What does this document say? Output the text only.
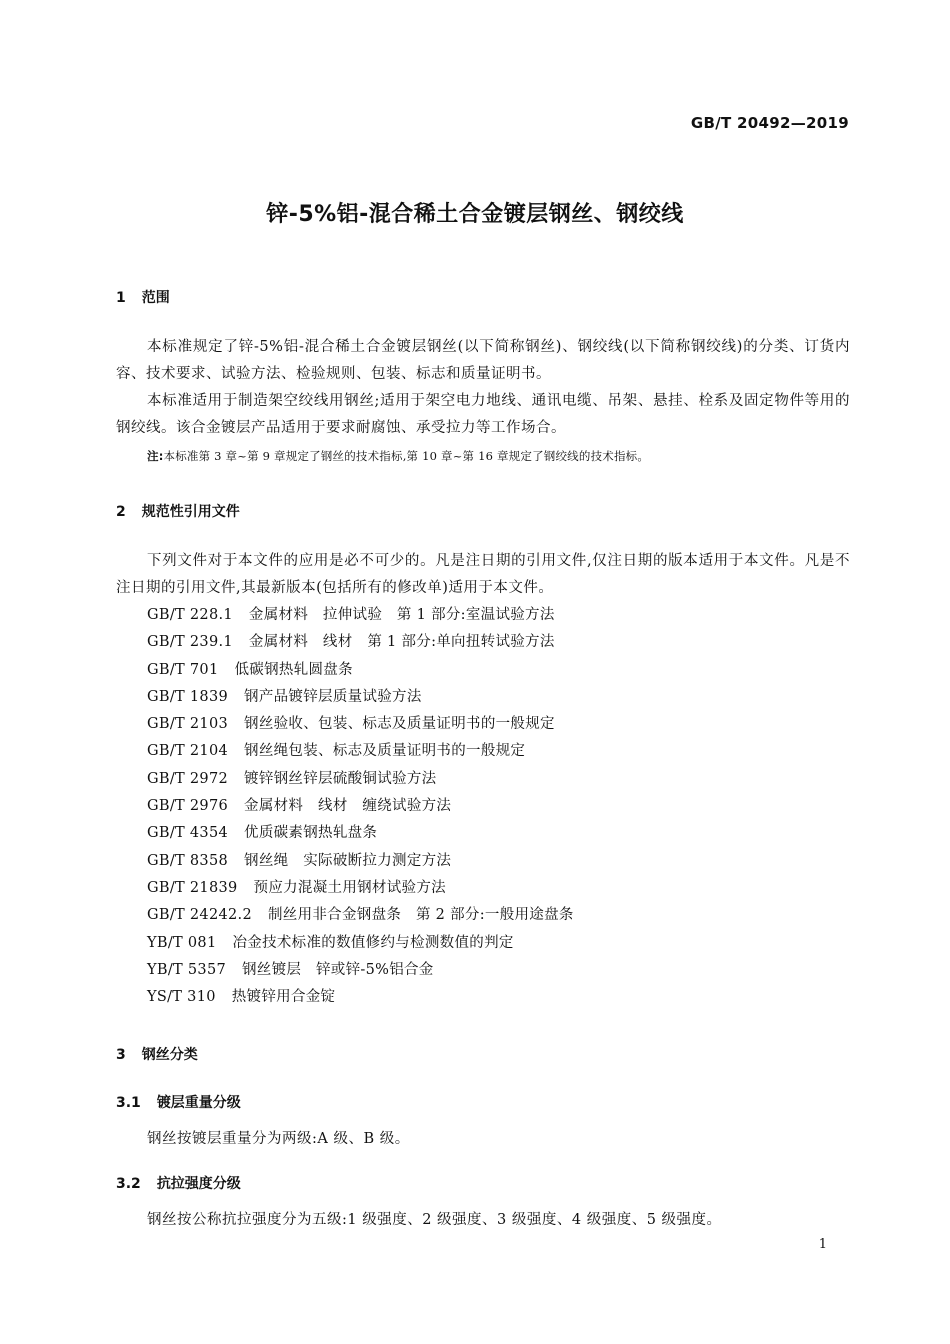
GB/T 20492—2019
锌-5%铝-混合稀土合金镀层钢丝、钢绞线
1 范围

本标准规定了锌-5%铝-混合稀土合金镀层钢丝(以下简称钢丝)、钢绞线(以下简称钢绞线)的分类、订货内容、技术要求、试验方法、检验规则、包装、标志和质量证明书。

本标准适用于制造架空绞线用钢丝;适用于架空电力地线、通讯电缆、吊架、悬挂、栓系及固定物件等用的钢绞线。该合金镀层产品适用于要求耐腐蚀、承受拉力等工作场合。

注:本标准第 3 章~第 9 章规定了钢丝的技术指标,第 10 章~第 16 章规定了钢绞线的技术指标。
2 规范性引用文件

下列文件对于本文件的应用是必不可少的。凡是注日期的引用文件,仅注日期的版本适用于本文件。凡是不注日期的引用文件,其最新版本(包括所有的修改单)适用于本文件。

GB/T 228.1 金属材料　拉伸试验　第 1 部分:室温试验方法
GB/T 239.1 金属材料　线材　第 1 部分:单向扭转试验方法
GB/T 701 低碳钢热轧圆盘条
GB/T 1839 钢产品镀锌层质量试验方法
GB/T 2103 钢丝验收、包装、标志及质量证明书的一般规定
GB/T 2104 钢丝绳包装、标志及质量证明书的一般规定
GB/T 2972 镀锌钢丝锌层硫酸铜试验方法
GB/T 2976 金属材料　线材　缠绕试验方法
GB/T 4354 优质碳素钢热轧盘条
GB/T 8358 钢丝绳　实际破断拉力测定方法
GB/T 21839 预应力混凝土用钢材试验方法
GB/T 24242.2 制丝用非合金钢盘条　第 2 部分:一般用途盘条
YB/T 081 冶金技术标准的数值修约与检测数值的判定
YB/T 5357 钢丝镀层　锌或锌-5%铝合金
YS/T 310 热镀锌用合金锭
3 钢丝分类
3.1 镀层重量分级

钢丝按镀层重量分为两级:A 级、B 级。

3.2 抗拉强度分级

钢丝按公称抗拉强度分为五级:1 级强度、2 级强度、3 级强度、4 级强度、5 级强度。

1
